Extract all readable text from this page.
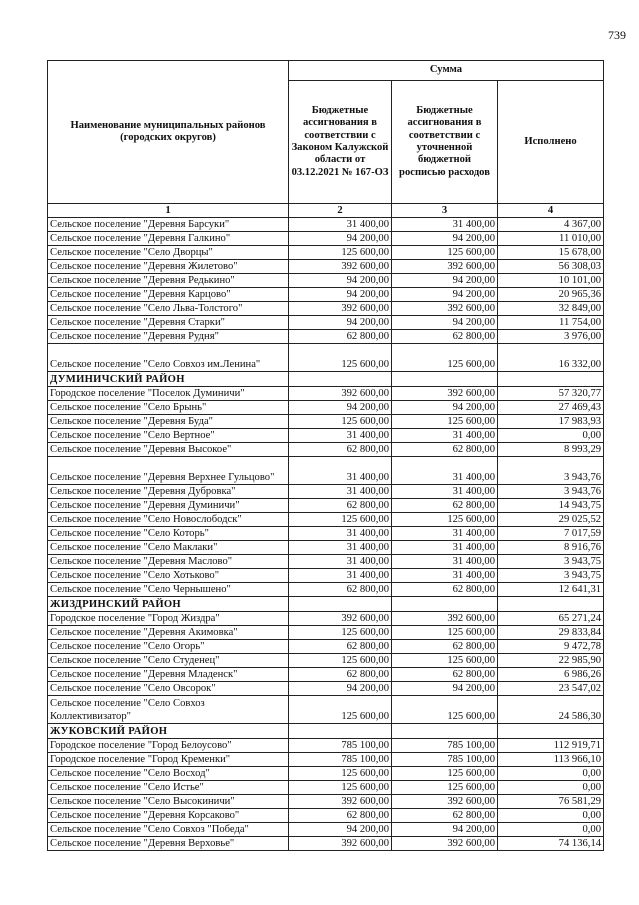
739
Наименование муниципальных районов (городских округов)	Сумма		
	Бюджетные ассигнования в соответствии с Законом Калужской области от 03.12.2021 № 167-ОЗ	Бюджетные ассигнования в соответствии с уточненной бюджетной росписью расходов	Исполнено
1	2	3	4
Сельское поселение "Деревня Барсуки"	31 400,00	31 400,00	4 367,00
Сельское поселение "Деревня Галкино"	94 200,00	94 200,00	11 010,00
Сельское поселение "Село Дворцы"	125 600,00	125 600,00	15 678,00
Сельское поселение "Деревня Жилетово"	392 600,00	392 600,00	56 308,03
Сельское поселение "Деревня Редькино"	94 200,00	94 200,00	10 101,00
Сельское поселение "Деревня Карцово"	94 200,00	94 200,00	20 965,36
Сельское поселение "Село Льва-Толстого"	392 600,00	392 600,00	32 849,00
Сельское поселение "Деревня Старки"	94 200,00	94 200,00	11 754,00
Сельское поселение "Деревня Рудня"	62 800,00	62 800,00	3 976,00
Сельское поселение "Село Совхоз им.Ленина"	125 600,00	125 600,00	16 332,00
ДУМИНИЧСКИЙ РАЙОН			
Городское поселение "Поселок Думиничи"	392 600,00	392 600,00	57 320,77
Сельское поселение "Село Брынь"	94 200,00	94 200,00	27 469,43
Сельское поселение "Деревня Буда"	125 600,00	125 600,00	17 983,93
Сельское поселение "Село Вертное"	31 400,00	31 400,00	0,00
Сельское поселение "Деревня Высокое"	62 800,00	62 800,00	8 993,29
Сельское поселение "Деревня Верхнее Гульцово"	31 400,00	31 400,00	3 943,76
Сельское поселение "Деревня Дубровка"	31 400,00	31 400,00	3 943,76
Сельское поселение "Деревня Думиничи"	62 800,00	62 800,00	14 943,75
Сельское поселение "Село Новослободск"	125 600,00	125 600,00	29 025,52
Сельское поселение "Село Которь"	31 400,00	31 400,00	7 017,59
Сельское поселение "Село Маклаки"	31 400,00	31 400,00	8 916,76
Сельское поселение "Деревня Маслово"	31 400,00	31 400,00	3 943,75
Сельское поселение "Село Хотьково"	31 400,00	31 400,00	3 943,75
Сельское поселение "Село Чернышено"	62 800,00	62 800,00	12 641,31
ЖИЗДРИНСКИЙ РАЙОН			
Городское поселение "Город Жиздра"	392 600,00	392 600,00	65 271,24
Сельское поселение "Деревня Акимовка"	125 600,00	125 600,00	29 833,84
Сельское поселение "Село Огорь"	62 800,00	62 800,00	9 472,78
Сельское поселение "Село Студенец"	125 600,00	125 600,00	22 985,90
Сельское поселение "Деревня Младенск"	62 800,00	62 800,00	6 986,26
Сельское поселение "Село Овсорок"	94 200,00	94 200,00	23 547,02
Сельское поселение "Село Совхоз Коллективизатор"	125 600,00	125 600,00	24 586,30
ЖУКОВСКИЙ РАЙОН			
Городское поселение "Город Белоусово"	785 100,00	785 100,00	112 919,71
Городское поселение "Город Кременки"	785 100,00	785 100,00	113 966,10
Сельское поселение "Село Восход"	125 600,00	125 600,00	0,00
Сельское поселение "Село Истье"	125 600,00	125 600,00	0,00
Сельское поселение "Село Высокиничи"	392 600,00	392 600,00	76 581,29
Сельское поселение "Деревня Корсаково"	62 800,00	62 800,00	0,00
Сельское поселение "Село Совхоз "Победа"	94 200,00	94 200,00	0,00
Сельское поселение "Деревня Верховье"	392 600,00	392 600,00	74 136,14
